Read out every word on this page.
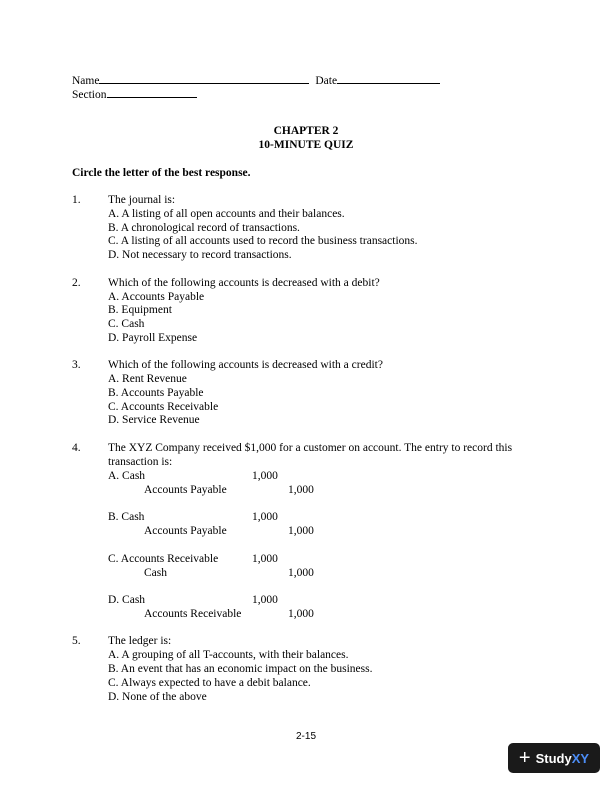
Name	Date
Section
CHAPTER 2
10-MINUTE QUIZ
Circle the letter of the best response.
1. The journal is:
A. A listing of all open accounts and their balances.
B. A chronological record of transactions.
C. A listing of all accounts used to record the business transactions.
D. Not necessary to record transactions.
2. Which of the following accounts is decreased with a debit?
A. Accounts Payable
B. Equipment
C. Cash
D. Payroll Expense
3. Which of the following accounts is decreased with a credit?
A. Rent Revenue
B. Accounts Payable
C. Accounts Receivable
D. Service Revenue
4. The XYZ Company received $1,000 for a customer on account. The entry to record this
transaction is:
A. Cash	1,000
Accounts Payable	1,000
B. Cash	1,000
Accounts Payable	1,000
C. Accounts Receivable	1,000
Cash	1,000
D. Cash	1,000
Accounts Receivable	1,000
5. The ledger is:
A. A grouping of all T-accounts, with their balances.
B. An event that has an economic impact on the business.
C. Always expected to have a debit balance.
D. None of the above
2-15
+ Study XY
